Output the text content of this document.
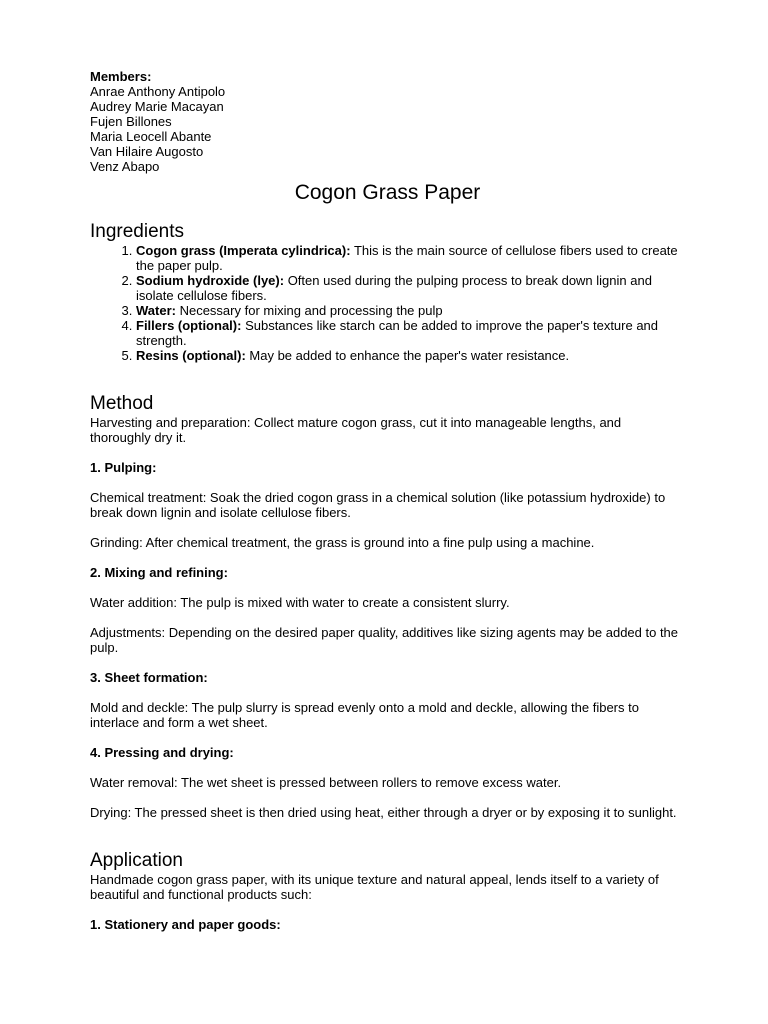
Members:
Anrae Anthony Antipolo
Audrey Marie Macayan
Fujen Billones
Maria Leocell Abante
Van Hilaire Augosto
Venz Abapo
Cogon Grass Paper
Ingredients
1. Cogon grass (Imperata cylindrica): This is the main source of cellulose fibers used to create the paper pulp.
2. Sodium hydroxide (lye): Often used during the pulping process to break down lignin and isolate cellulose fibers.
3. Water: Necessary for mixing and processing the pulp
4. Fillers (optional): Substances like starch can be added to improve the paper's texture and strength.
5. Resins (optional): May be added to enhance the paper's water resistance.
Method

Harvesting and preparation: Collect mature cogon grass, cut it into manageable lengths, and thoroughly dry it.

1. Pulping:

Chemical treatment: Soak the dried cogon grass in a chemical solution (like potassium hydroxide) to break down lignin and isolate cellulose fibers.

Grinding: After chemical treatment, the grass is ground into a fine pulp using a machine.

2. Mixing and refining:

Water addition: The pulp is mixed with water to create a consistent slurry.

Adjustments: Depending on the desired paper quality, additives like sizing agents may be added to the pulp.

3. Sheet formation:

Mold and deckle: The pulp slurry is spread evenly onto a mold and deckle, allowing the fibers to interlace and form a wet sheet.

4. Pressing and drying:

Water removal: The wet sheet is pressed between rollers to remove excess water.

Drying: The pressed sheet is then dried using heat, either through a dryer or by exposing it to sunlight.

Application

Handmade cogon grass paper, with its unique texture and natural appeal, lends itself to a variety of beautiful and functional products such:

1. Stationery and paper goods:
